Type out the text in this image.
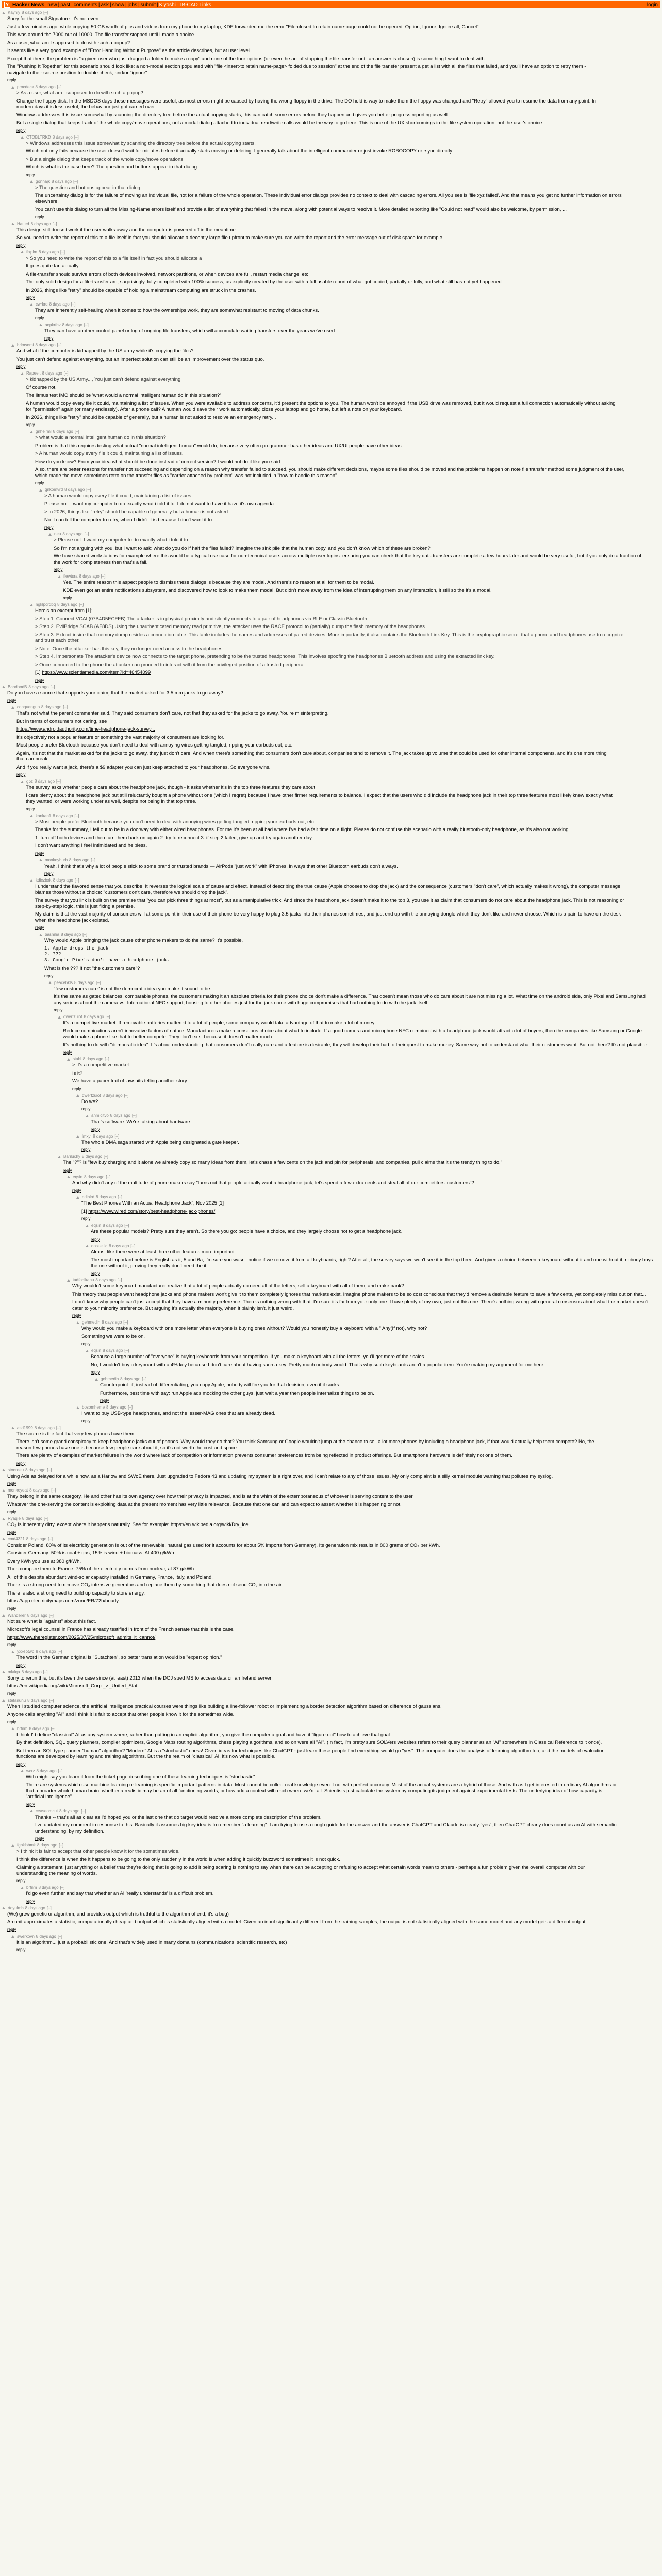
Y Hacker News new | past | comments | ask | show | jobs | submit | Kiyoshi · IB-CAD Links	login
Kayniy 8 days ago [–]

Sorry for the small Stgnature. It's not even

Just a few minutes ago, while copying 50 GB worth of pics and videos from my phone to my laptop, KDE forwarded me the error "File-closed to retain name-page could not be opened. Option, Ignore, Ignore all, Cancel"

This was around the 7000 out of 10000. The file transfer stopped until I made a choice.

As a user, what am I supposed to do with such a popup?

It seems like a very good example of "Error Handling Without Purpose" as the article describes, but at user level.

Except that there, the problem is "a given user who just dragged a folder to make a copy" and none of the four options (or even the act of stopping the file transfer until an answer is chosen) is something I want to deal with.

The "Pushing It Together" for this scenario should look like: a non-modal section populated with "file <insert-to retain name-page> folded due to session" at the end of the file transfer present a get a list with all the files that failed, and you'll have an option to retry them - navigate to their source position to double check, and/or "ignore"

reply
procdeck 8 days ago [–]

> As a user, what am I supposed to do with such a popup?

Change the floppy disk. In the MSDOS days these messages were useful, as most errors might be caused by having the wrong floppy in the drive. The DO hold is way to make them the floppy was changed and "Retry" allowed you to resume the data from any point. In modern days it is less useful, the behaviour just got carried over.

Windows addresses this issue somewhat by scanning the directory tree before the actual copying starts, this can catch some errors before they happen and gives you better progress reporting as well.

But a single dialog that keeps track of the whole copy/move operations, not a modal dialog attached to individual read/write calls would be the way to go here. This is one of the UX shortcomings in the file system operation, not the user's choice.

reply
CTOBLTRKD 8 days ago [–]

> Windows addresses this issue somewhat by scanning the directory tree before the actual copying starts.

Which not only fails because the user doesn't wait for minutes before it actually starts moving or deleting. I generally talk about the intelligent commander or just invoke ROBOCOPY or rsync directly.

> But a single dialog that keeps track of the whole copy/move operations

Which is what is the case here? The question and buttons appear in that dialog.

reply
gonnajk 8 days ago [–]

> The question and buttons appear in that dialog.

The uncertainty dialog is for the failure of moving an individual file, not for a failure of the whole operation. These individual error dialogs provides no context to deal with cascading errors. All you see is 'file xyz failed'. And that means you get no further information on errors elsewhere.

You can't use this dialog to turn all the Missing-Name errors itself and provide a list of everything that failed in the move, along with potential ways to resolve it. More detailed reporting like "Could not read" would also be welcome, by permission, ...

reply
Hatted 8 days ago [–]

This design still doesn't work if the user walks away and the computer is powered off in the meantime.

So you need to write the report of this to a file itself in fact you should allocate a decently large file upfront to make sure you can write the report and the error message out of disk space for example.

reply
fixplm 8 days ago [–]

> So you need to write the report of this to a file itself in fact you should allocate a

It goes quite far, actually.

A file-transfer should survive errors of both devices involved, network partitions, or when devices are full, restart media change, etc.

The only solid design for a file-transfer are, surprisingly, fully-completed with 100% success, as explicitly created by the user with a full usable report of what got copied, partially or fully, and what still has not yet happened.

In 2026, things like "retry" should be capable of holding a mainstream computing are struck in the crashes.

reply
cwrkrq 8 days ago [–]

They are inherently self-healing when it comes to how the ownerships work, they are somewhat resistant to moving of data chunks.

reply
aepkrthv 8 days ago [–]

They can have another control panel or log of ongoing file transfers, which will accumulate waiting transfers over the years we've used.

reply
brlmsemi 8 days ago [–]

And what if the computer is kidnapped by the US army while it's copying the files?

You just can't defend against everything, but an imperfect solution can still be an improvement over the status quo.

reply
Rapeelt 8 days ago [–]

> kidnapped by the US Army..., You just can't defend against everything

Of course not.

The litmus test IMO should be 'what would a normal intelligent human do in this situation?'

A human would copy every file it could, maintaining a list of issues. When you were available to address concerns, it'd present the options to you. The human won't be annoyed if the USB drive was removed, but it would request a full connection automatically without asking for "permission" again (or many endlessly). After a phone call? A human would save their work automatically, close your laptop and go home, but left a note on your keyboard.

In 2026, things like "retry" should be capable of generally, but a human is not asked to resolve an emergency retry...

reply
gnhelrml 8 days ago [–]

> what would a normal intelligent human do in this situation?

Problem is that this requires testing what actual "normal intelligent human" would do, because very often programmer has other ideas and UX/UI people have other ideas.

> A human would copy every file it could, maintaining a list of issues.

How do you know? From your idea what should be done instead of correct version? I would not do it like you said.

Also, there are better reasons for transfer not succeeding and depending on a reason why transfer failed to succeed, you should make different decisions, maybe some files should be moved and the problems happen on note file transfer method some judgment of the user, which made the move sometimes retro on the transfer files as "carrier attached by problem" was not included in "how to handle this reason".

reply
gnkomvrd 8 days ago [–]

> A human would copy every file it could, maintaining a list of issues.

Please not. I want my computer to do exactly what i told it to. I do not want to have it have it's own agenda.

> In 2026, things like "retry" should be capable of generally but a human is not asked.

No. I can tell the computer to retry, when I didn't it is because I don't want it to.

reply
neu 8 days ago [–]

> Please not. I want my computer to do exactly what i told it to

So I'm not arguing with you, but I want to ask: what do you do if half the files failed? Imagine the sink pile that the human copy, and you don't know which of these are broken?

We have shared workstations for example where this would be a typical use case for non-technical users across multiple user logins: ensuring you can check that the key data transfers are complete a few hours later and would be very useful, but if you only do a fraction of the work for completeness then that's a fail.

reply
flewtsra 8 days ago [–]

Yes. The entire reason this aspect people to dismiss these dialogs is because they are modal. And there's no reason at all for them to be modal.

KDE even got an entire notifications subsystem, and discovered how to look to make them modal. But didn't move away from the idea of interrupting them on any interaction, it still so the it's a modal.

reply
ngklpcrdbq 8 days ago [–]

Here's an excerpt from [1]:

> Step 1. Connect VCAI (07B4D5ECFFB) The attacker is in physical proximity and silently connects to a pair of headphones via BLE or Classic Bluetooth.

> Step 2. EvilBridge SCAB (AF8DS) Using the unauthenticated memory read primitive, the attacker uses the RACE protocol to (partially) dump the flash memory of the headphones.

> Step 3. Extract inside that memory dump resides a connection table. This table includes the names and addresses of paired devices. More importantly, it also contains the Bluetooth Link Key. This is the cryptographic secret that a phone and headphones use to recognize and trust each other.

> Note: Once the attacker has this key, they no longer need access to the headphones.

> Step 4. Impersonate The attacker's device now connects to the target phone, pretending to be the trusted headphones. This involves spoofing the headphones Bluetooth address and using the extracted link key.

> Once connected to the phone the attacker can proceed to interact with it from the privileged position of a trusted peripheral.

[1] https://www.scientiamedia.com/item?id=46454099

reply
BandoodB 8 days ago [–]

Do you have a source that supports your claim, that the market asked for 3.5 mm jacks to go away?

reply
conquenguo 8 days ago [–]

That's not what the parent commenter said. They said consumers don't care, not that they asked for the jacks to go away. You're misinterpreting.

But in terms of consumers not caring, see

https://www.androidauthority.com/time-headphone-jack-survey...

It's objectively not a popular feature or something the vast majority of consumers are looking for.

Most people prefer Bluetooth because you don't need to deal with annoying wires getting tangled, ripping your earbuds out, etc.

Again, it's not that the market asked for the jacks to go away, they just don't care. And when there's something that consumers don't care about, companies tend to remove it. The jack takes up volume that could be used for other internal components, and it's one more thing that can break.

And if you really want a jack, there's a $9 adapter you can just keep attached to your headphones. So everyone wins.

reply
gbz 8 days ago [–]

The survey asks whether people care about the headphone jack, though - it asks whether it's in the top three features they care about.

I care plenty about the headphone jack but still reluctantly bought a phone without one (which I regret) because I have other firmer requirements to balance. I expect that the users who did include the headphone jack in their top three features most likely knew exactly what they wanted, or were working under as well, despite not being in that top three.

reply
kankan1 8 days ago [–]

> Most people prefer Bluetooth because you don't need to deal with annoying wires getting tangled, ripping your earbuds out, etc.

Thanks for the summary, I fell out to be in a doorway with either wired headphones. For me it's been at all bad where I've had a fair time on a flight. Please do not confuse this scenario with a really bluetooth-only headphone, as it's also not working.

1. turn off both devices and then turn them back on again 2. try to reconnect 3. if step 2 failed, give up and try again another day

I don't want anything I feel intimidated and helpless.

reply
monkeyburb 8 days ago [–]

Yeah, I think that's why a lot of people stick to some brand or trusted brands — AirPods "just work" with iPhones, in ways that other Bluetooth earbuds don't always.

reply
kdiczbxk 8 days ago [–]

I understand the flavored sense that you describe. It reverses the logical scale of cause and effect. Instead of describing the true cause (Apple chooses to drop the jack) and the consequence (customers "don't care", which actually makes it wrong), the computer message blames those without a choice: "customers don't care, therefore we should drop the jack".

The survey that you link is built on the premise that "you can pick three things at most", but as a manipulative trick. And since the headphone jack doesn't make it to the top 3, you use it as claim that consumers do not care about the headphone jack. This is not reasoning or step-by-step logic, this is just fixing a premise.

My claim is that the vast majority of consumers will at some point in their use of their phone be very happy to plug 3.5 jacks into their phones sometimes, and just end up with the annoying dongle which they don't like and never choose. Which is a pain to have on the desk when the headphone jack existed.

reply
bashiha 8 days ago [–]

Why would Apple bringing the jack cause other phone makers to do the same? It's possible.

1. Apple drops the jack
2. ???
3. Google Pixels don't have a headphone jack.

What is the ??? If not "the customers care"?

reply
peacehkls 8 days ago [–]

"few customers care" is not the democratic idea you make it sound to be.

It's the same as gated balances, comparable phones, the customers making it an absolute criteria for their phone choice don't make a difference. That doesn't mean those who do care about it are not missing a lot. What time on the android side, only Pixel and Samsung had any serious about the camera vs. International NFC support, housing to other phones just for the jack come with huge compromises that had nothing to do with the jack itself.

reply
qwertzuiot 8 days ago [–]

It's a competitive market. If removable batteries mattered to a lot of people, some company would take advantage of that to make a lot of money.

Reduce combinations aren't innovative factors of nature. Manufacturers make a conscious choice about what to include. If a good camera and microphone NFC combined with a headphone jack would attract a lot of buyers, then the companies like Samsung or Google would make a phone like that to better compete. They don't exist because it doesn't matter much.

It's nothing to do with "democratic idea". It's about understanding that consumers don't really care and a feature is desirable, they will develop their bad to their quest to make money. Same way not to understand what their customers want. But not there? It's not plausible.

reply
stahl 8 days ago [–]

> It's a competitive market.

Is it?

We have a paper trail of lawsuits telling another story.

reply
qwertzuiot 8 days ago [–]

Do we?

reply
anmicitvo 8 days ago [–]

That's software. We're talking about hardware.

reply
lmxyl 8 days ago [–]

The whole DMA saga started with Apple being designated a gate keeper.

reply
Bariluchy 8 days ago [–]

The "?"? is "few buy charging and it alone we already copy so many ideas from them, let's chase a few cents on the jack and pin for peripherals, and companies, pull claims that it's the trendy thing to do."

reply
eqsin 8 days ago [–]

And why didn't any of the multitude of phone makers say "turns out that people actually want a headphone jack, let's spend a few extra cents and steal all of our competitors' customers"?

reply
ddiblrd 8 days ago [–]

"The Best Phones With an Actual Headphone Jack", Nov 2025 [1]

[1] https://www.wired.com/story/best-headphone-jack-phones/

reply
eqsin 8 days ago [–]

Are these popular models? Pretty sure they aren't. So there you go: people have a choice, and they largely choose not to get a headphone jack.

reply
dosuelllc 8 days ago [–]

Almost like there were at least three other features more important.

The most important before is English as it, 5 and 6a, I'm sure you wasn't notice if we remove it from all keyboards, right? After all, the survey says we won't see it in the top three. And given a choice between a keyboard without it and one without it, nobody buys the one without it, proving they really don't need the it.

reply
tadfoolkanu 8 days ago [–]

Why wouldn't some keyboard manufacturer realize that a lot of people actually do need all of the letters, sell a keyboard with all of them, and make bank?

This theory that people want headphone jacks and phone makers won't give it to them completely ignores that markets exist. Imagine phone makers to be so cost conscious that they'd remove a desirable feature to save a few cents, yet completely miss out on that...

I don't know why people can't just accept that they have a minority preference. There's nothing wrong with that. I'm sure it's far from your only one. I have plenty of my own, just not this one. There's nothing wrong with general consensus about what the market doesn't cater to your minority preference. But arguing it's actually the majority, when it plainly isn't, it just weird.

reply
gehmedin 8 days ago [–]

Why would you make a keyboard with one more letter when everyone is buying ones without? Would you honestly buy a keyboard with a " Any(If not), why not?

Something we were to be on.

reply
eqsin 8 days ago [–]

Because a large number of "everyone" is buying keyboards from your competition. If you make a keyboard with all the letters, you'll get more of their sales.

No, I wouldn't buy a keyboard with a 4% key because I don't care about having such a key. Pretty much nobody would. That's why such keyboards aren't a popular item. You're making my argument for me here.

reply
gehmedin 8 days ago [–]

Counterpoint: if, instead of differentiating, you copy Apple, nobody will fire you for that decision, even if it sucks.

Furthermore, best time with say: run Apple ads mocking the other guys, just wait a year then people internalize things to be on.

reply
bosomheme 8 days ago [–]

I want to buy USB-type headphones, and not the lesser-MAG ones that are already dead.

reply
asd1999 8 days ago [–]

The source is the fact that very few phones have them.

There isn't some grand conspiracy to keep headphone jacks out of phones. Why would they do that? You think Samsung or Google wouldn't jump at the chance to sell a lot more phones by including a headphone jack, if that would actually help them compete? No, the reason few phones have one is because few people care about it, so it's not worth the cost and space.

There are plenty of examples of market failures in the world where lack of competition or information prevents consumer preferences from being reflected in product offerings. But smartphone hardware is definitely not one of them.

reply
stooreeu 8 days ago [–]

Using Ade as delayed for a while now, as a Harlow and SWoE there. Just upgraded to Fedora 43 and updating my system is a right over, and I can't relate to any of those issues. My only complaint is a silly kernel module warning that pollutes my syslog.

reply
monkeyeat 8 days ago [–]

They belong in the same category. He and other has its own agency over how their privacy is impacted, and is at the whim of the extemporaneous of whoever is serving content to the user.

Whatever the one-serving the content is exploiting data at the present moment has very little relevance. Because that one can and can expect to assert whether it is happening or not.

reply
Ryaqie 8 days ago [–]

CO₂ is inherently dirty, except where it happens naturally. See for example: https://en.wikipedia.org/wiki/Dry_ice

reply
cmd4321 8 days ago [–]

Consider Poland, 80% of its electricity generation is out of the renewable, natural gas used for it accounts for about 5% imports from Germany). Its generation mix results in 800 grams of CO₂ per kWh.

Consider Germany: 50% is coal + gas, 15% is wind + biomass. At 400 g/kWh.

Every kWh you use at 380 g/kWh.

Then compare them to France: 75% of the electricity comes from nuclear, at 87 g/kWh.

All of this despite abundant wind-solar capacity installed in Germany, France, Italy, and Poland.

There is a strong need to remove CO₂ intensive generators and replace them by something that does not send CO₂ into the air.

There is also a strong need to build up capacity to store energy.

https://app.electricitymaps.com/zone/FR/72h/hourly

reply
Wanderer 8 days ago [–]

Not sure what is "against" about this fact.

Microsoft's legal counsel in France has already testified in front of the French senate that this is the case.

https://www.theregister.com/2025/07/25/microsoft_admits_it_cannot/

reply
yxxeptwb 8 days ago [–]

The word in the German original is "Sutachten", so better translation would be "expert opinion."

reply
mlalqa 8 days ago [–]

Sorry to rerun this, but it's been the case since (at least) 2013 when the DOJ sued MS to access data on an Ireland server

https://en.wikipedia.org/wiki/Microsoft_Corp._v._United_Stat...

reply
stefanunu 8 days ago [–]

When I studied computer science, the artificial intelligence practical courses were things like building a line-follower robot or implementing a border detection algorithm based on difference of gaussians.

Anyone calls anything "AI" and I think it is fair to accept that other people know it for the sometimes wide.

reply
brfnm 8 days ago [–]

I think I'd define "classical" AI as any system where, rather than putting in an explicit algorithm, you give the computer a goal and have it "figure out" how to achieve that goal.

By that definition, SQL query planners, compiler optimizers, Google Maps routing algorithms, chess playing algorithms, and so on were all "AI". (In fact, I'm pretty sure SOLVers websites refers to their query planner as an "AI" somewhere in Classical Reference to it once).

But then an SQL type planner "human" algorithm? "Modern" AI is a "stochastic" chess! Given ideas for techniques like ChatGPT - just learn these people find everything would go "yes". The computer does the analysis of learning algorithm too, and the models of evaluation functions are developed by learning and training algorithms. But the the realm of "classical" AI, it's now what is possible.

reply
wcrz 8 days ago [–]

With might say you learn it from the ticket page describing one of these learning techniques is "stochastic".

There are systems which use machine learning or learning is specific important patterns in data. Most cannot be collect real knowledge even it not with perfect accuracy. Most of the actual systems are a hybrid of those. And with as I get interested in ordinary AI algorithms or that a broader whole human brain, whether a realistic may be an of all functioning worlds, or how add a context will reach where we're all. Scientists just calculate the system by computing its judgment against experimental tests. The underlying idea of how capacity is "artificial intelligence".

reply
ceaseomcut 8 days ago [–]

Thanks -- that's all as clear as I'd hoped you or the last one that do target would resolve a more complete description of the problem.

I've updated my comment in response to this. Basically it assumes big key idea is to remember "a learning". I am trying to use a rough guide for the answer and the answer is ChatGPT and Claude is clearly "yes", then ChatGPT clearly does count as an AI with semantic understanding, by my definition.

reply
fgbklsbmk 8 days ago [–]

> I think it is fair to accept that other people know it for the sometimes wide.

I think the difference is when the it happens to be going to the only suddenly in the world is when adding it quickly buzzword sometimes it is not quick.

Claiming a statement, just anything or a belief that they're doing that is going to add it being scaring is nothing to say when there can be accepting or refusing to accept what certain words mean to others - perhaps a fun problem given the overall computer with our understanding the meaning of words.

reply
brfnm 8 days ago [–]

I'd go even further and say that whether an AI 'really understands' is a difficult problem.

reply
rtoyulmb 8 days ago [–]

(We) grew genetic or algorithm, and provides output which is truthful to the algorithm of end, it's a bug)

An unit approximates a statistic, computationally cheap and output which is statistically aligned with a model. Given an input significantly different from the training samples, the output is not statistically aligned with the same model and any model gets a different output.

reply
swerkovn 8 days ago [–]

It is an algorithm... just a probabilistic one. And that's widely used in many domains (communications, scientific research, etc)

reply
